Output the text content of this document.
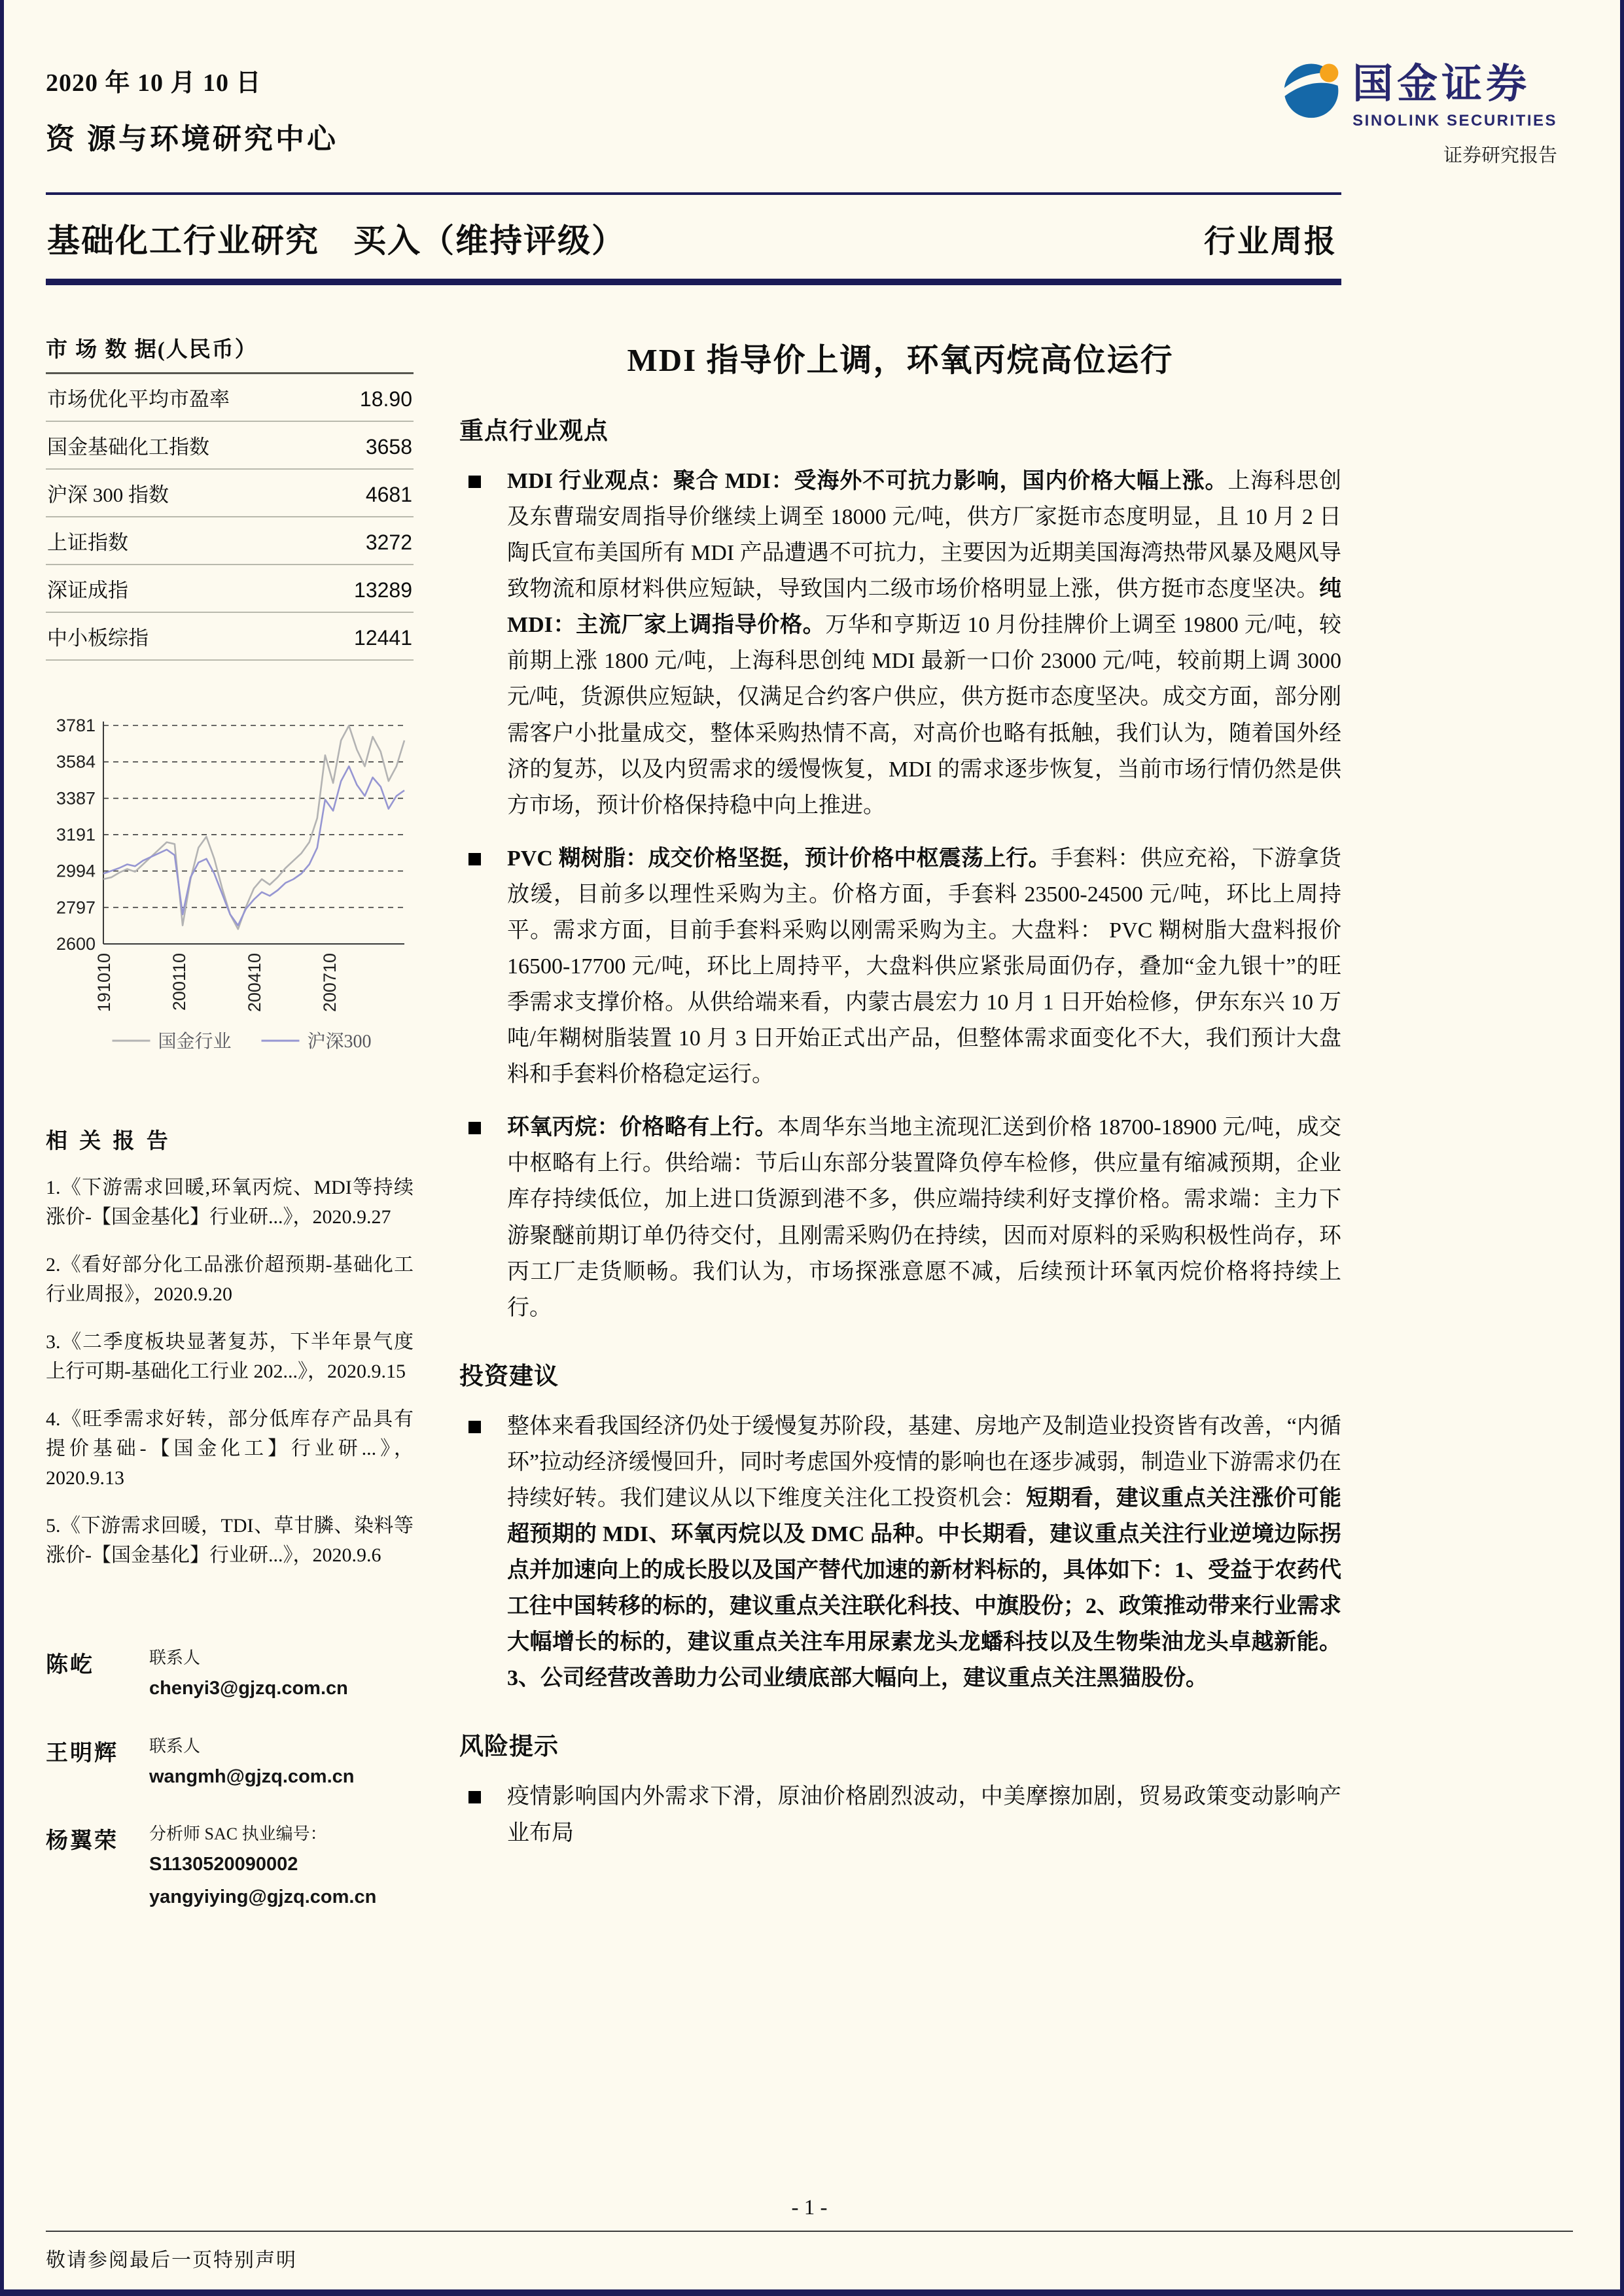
2020 年 10 月 10 日	国金证券
SINOLINK SECURITIES
证券研究报告
资 源与环境研究中心
基础化工行业研究　买入（维持评级）	行业周报
市 场 数 据(人民币）
市场优化平均市盈率	18.90
国金基础化工指数	3658
沪深 300 指数	4681
上证指数	3272
深证成指	13289
中小板综指	12441
3781
3584
3387
3191
2994
2797
2600
191010	200110	200410	200710
国金行业	沪深300
相 关 报 告
1.《下游需求回暖,环氧丙烷、MDI等持续涨价-【国金基化】行业研...》，2020.9.27
2.《看好部分化工品涨价超预期-基础化工行业周报》，2020.9.20
3.《二季度板块显著复苏，下半年景气度上行可期-基础化工行业 202...》，2020.9.15
4.《旺季需求好转，部分低库存产品具有提价基础-【国金化工】行业研...》，2020.9.13
5.《下游需求回暖，TDI、草甘膦、染料等涨价-【国金基化】行业研...》，2020.9.6
陈屹	联系人
chenyi3@gjzq.com.cn
王明辉	联系人
wangmh@gjzq.com.cn
杨翼荣	分析师 SAC 执业编号：
S1130520090002
yangyiying@gjzq.com.cn
MDI 指导价上调，环氧丙烷高位运行
重点行业观点

MDI 行业观点：聚合 MDI：受海外不可抗力影响，国内价格大幅上涨。上海科思创及东曹瑞安周指导价继续上调至 18000 元/吨，供方厂家挺市态度明显，且 10 月 2 日陶氏宣布美国所有 MDI 产品遭遇不可抗力，主要因为近期美国海湾热带风暴及飓风导致物流和原材料供应短缺，导致国内二级市场价格明显上涨，供方挺市态度坚决。纯 MDI：主流厂家上调指导价格。万华和亨斯迈 10 月份挂牌价上调至 19800 元/吨，较前期上涨 1800 元/吨，上海科思创纯 MDI 最新一口价 23000 元/吨，较前期上调 3000 元/吨，货源供应短缺，仅满足合约客户供应，供方挺市态度坚决。成交方面，部分刚需客户小批量成交，整体采购热情不高，对高价也略有抵触，我们认为，随着国外经济的复苏，以及内贸需求的缓慢恢复，MDI 的需求逐步恢复，当前市场行情仍然是供方市场，预计价格保持稳中向上推进。

PVC 糊树脂：成交价格坚挺，预计价格中枢震荡上行。手套料：供应充裕，下游拿货放缓，目前多以理性采购为主。价格方面，手套料 23500-24500 元/吨，环比上周持平。需求方面，目前手套料采购以刚需采购为主。大盘料： PVC 糊树脂大盘料报价 16500-17700 元/吨，环比上周持平，大盘料供应紧张局面仍存，叠加“金九银十”的旺季需求支撑价格。从供给端来看，内蒙古晨宏力 10 月 1 日开始检修，伊东东兴 10 万吨/年糊树脂装置 10 月 3 日开始正式出产品，但整体需求面变化不大，我们预计大盘料和手套料价格稳定运行。

环氧丙烷：价格略有上行。本周华东当地主流现汇送到价格 18700-18900 元/吨，成交中枢略有上行。供给端：节后山东部分装置降负停车检修，供应量有缩减预期，企业库存持续低位，加上进口货源到港不多，供应端持续利好支撑价格。需求端：主力下游聚醚前期订单仍待交付，且刚需采购仍在持续，因而对原料的采购积极性尚存，环丙工厂走货顺畅。我们认为，市场探涨意愿不减，后续预计环氧丙烷价格将持续上行。

投资建议

整体来看我国经济仍处于缓慢复苏阶段，基建、房地产及制造业投资皆有改善，“内循环”拉动经济缓慢回升，同时考虑国外疫情的影响也在逐步减弱，制造业下游需求仍在持续好转。我们建议从以下维度关注化工投资机会：短期看，建议重点关注涨价可能超预期的 MDI、环氧丙烷以及 DMC 品种。中长期看，建议重点关注行业逆境边际拐点并加速向上的成长股以及国产替代加速的新材料标的，具体如下：1、受益于农药代工往中国转移的标的，建议重点关注联化科技、中旗股份；2、政策推动带来行业需求大幅增长的标的，建议重点关注车用尿素龙头龙蟠科技以及生物柴油龙头卓越新能。3、公司经营改善助力公司业绩底部大幅向上，建议重点关注黑猫股份。

风险提示

疫情影响国内外需求下滑，原油价格剧烈波动，中美摩擦加剧，贸易政策变动影响产业布局

- 1 -
敬请参阅最后一页特别声明
